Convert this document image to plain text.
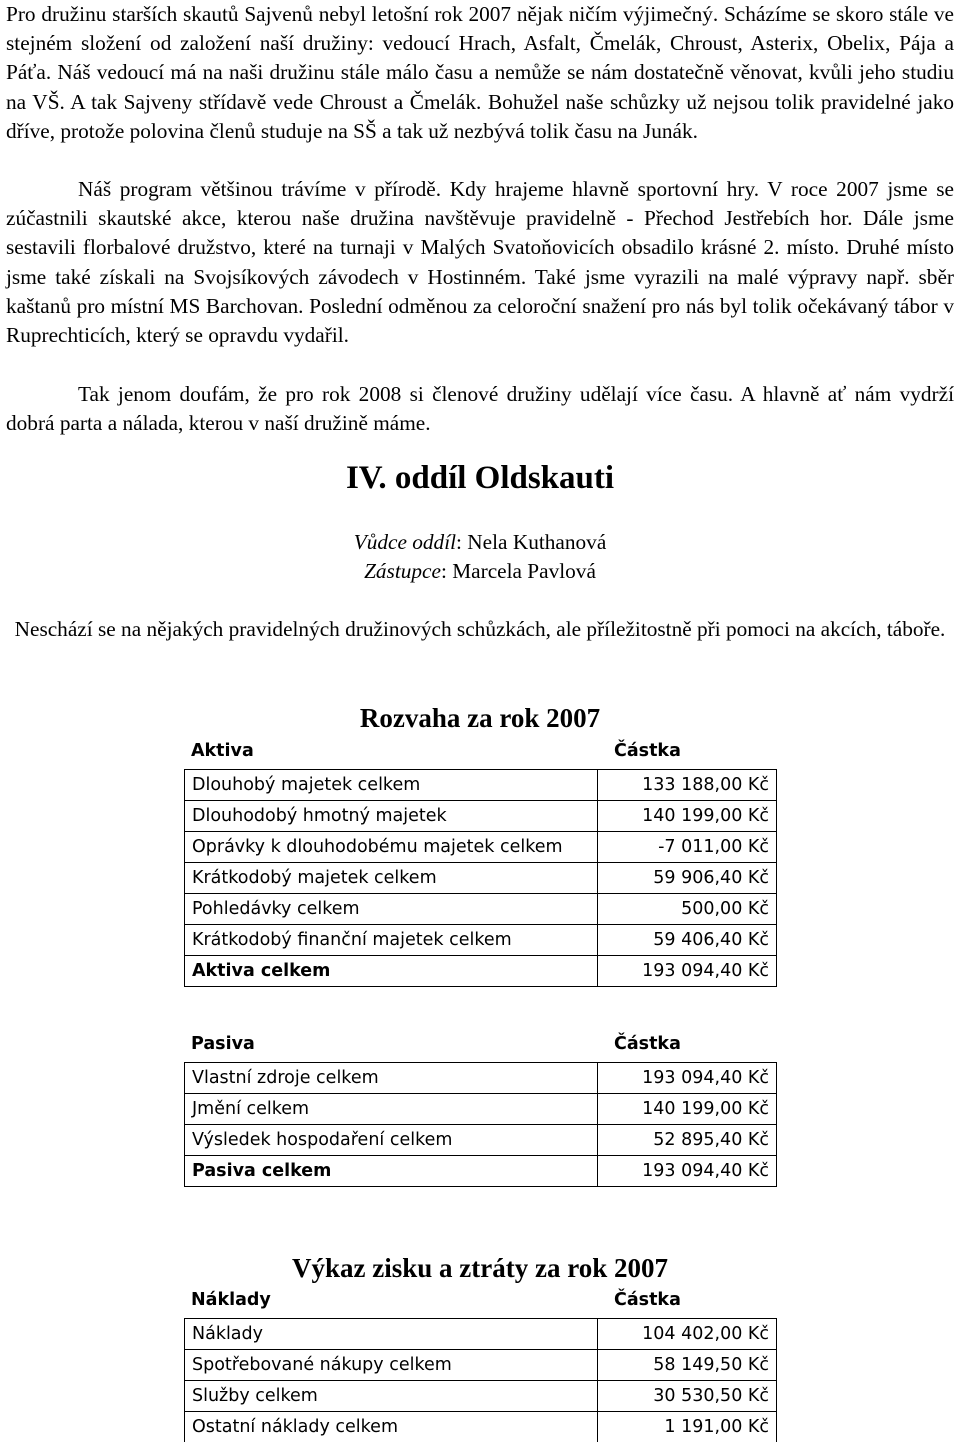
Pro družinu starších skautů Sajvenů nebyl letošní rok 2007 nějak ničím výjimečný. Scházíme se skoro stále ve stejném složení od založení naší družiny: vedoucí Hrach, Asfalt, Čmelák, Chroust, Asterix, Obelix, Pája a Páťa. Náš vedoucí má na naši družinu stále málo času a nemůže se nám dostatečně věnovat, kvůli jeho studiu na VŠ. A tak Sajveny střídavě vede Chroust a Čmelák. Bohužel naše schůzky už nejsou tolik pravidelné jako dříve, protože polovina členů studuje na SŠ a tak už nezbývá tolik času na Junák.

Náš program většinou trávíme v přírodě. Kdy hrajeme hlavně sportovní hry. V roce 2007 jsme se zúčastnili skautské akce, kterou naše družina navštěvuje pravidelně - Přechod Jestřebích hor. Dále jsme sestavili florbalové družstvo, které na turnaji v Malých Svatoňovicích obsadilo krásné 2. místo. Druhé místo jsme také získali na Svojsíkových závodech v Hostinném. Také jsme vyrazili na malé výpravy např. sběr kaštanů pro místní MS Barchovan. Poslední odměnou za celoroční snažení pro nás byl tolik očekávaný tábor v Ruprechticích, který se opravdu vydařil.

Tak jenom doufám, že pro rok 2008 si členové družiny udělají více času. A hlavně ať nám vydrží dobrá parta a nálada, kterou v naší družině máme.

IV. oddíl Oldskauti
Vůdce oddíl: Nela Kuthanová
Zástupce: Marcela Pavlová

Neschází se na nějakých pravidelných družinových schůzkách, ale příležitostně při pomoci na akcích, táboře.

Rozvaha za rok 2007
Aktiva	Částka
Dlouhobý majetek celkem	133 188,00 Kč
Dlouhodobý hmotný majetek	140 199,00 Kč
Oprávky k dlouhodobému majetek celkem	-7 011,00 Kč
Krátkodobý majetek celkem	59 906,40 Kč
Pohledávky celkem	500,00 Kč
Krátkodobý finanční majetek celkem	59 406,40 Kč
Aktiva celkem	193 094,40 Kč
Pasiva	Částka
Vlastní zdroje celkem	193 094,40 Kč
Jmění celkem	140 199,00 Kč
Výsledek hospodaření celkem	52 895,40 Kč
Pasiva celkem	193 094,40 Kč
Výkaz zisku a ztráty za rok 2007
Náklady	Částka
Náklady	104 402,00 Kč
Spotřebované nákupy celkem	58 149,50 Kč
Služby celkem	30 530,50 Kč
Ostatní náklady celkem	1 191,00 Kč
